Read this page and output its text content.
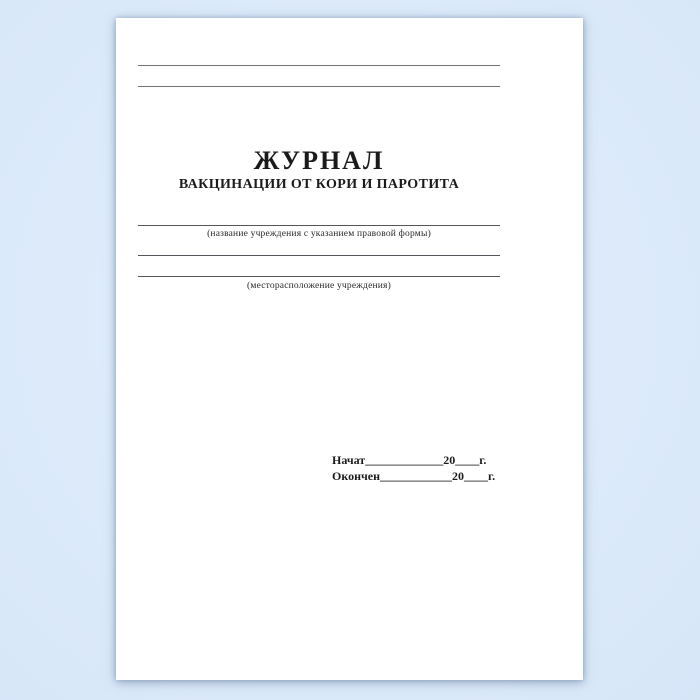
ЖУРНАЛ
ВАКЦИНАЦИИ ОТ КОРИ И ПАРОТИТА
(название учреждения с указанием правовой формы)
(месторасположение учреждения)
Начат_____________20____г.
Окончен____________20____г.
